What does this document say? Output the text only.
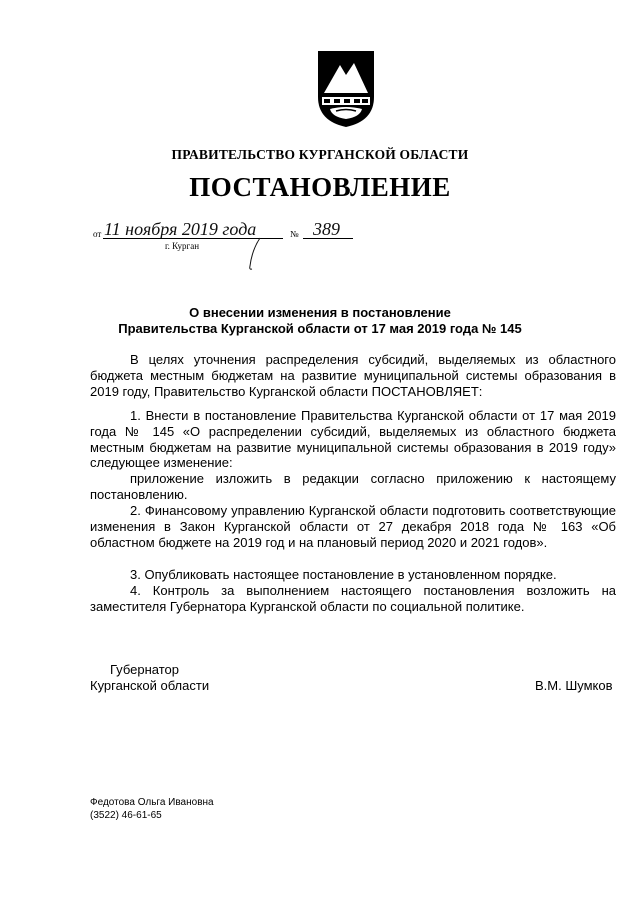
ПРАВИТЕЛЬСТВО КУРГАНСКОЙ ОБЛАСТИ
ПОСТАНОВЛЕНИЕ
от 11 ноября 2019 года	№ 389
г. Курган
О внесении изменения в постановление
Правительства Курганской области от 17 мая 2019 года № 145
В целях уточнения распределения субсидий, выделяемых из областного бюджета местным бюджетам на развитие муниципальной системы образования в 2019 году, Правительство Курганской области ПОСТАНОВЛЯЕТ:
1. Внести в постановление Правительства Курганской области от 17 мая 2019 года № 145 «О распределении субсидий, выделяемых из областного бюджета местным бюджетам на развитие муниципальной системы образования в 2019 году» следующее изменение:
приложение изложить в редакции согласно приложению к настоящему постановлению.
2. Финансовому управлению Курганской области подготовить соответствующие изменения в Закон Курганской области от 27 декабря 2018 года № 163 «Об областном бюджете на 2019 год и на плановый период 2020 и 2021 годов».
3. Опубликовать настоящее постановление в установленном порядке.
4. Контроль за выполнением настоящего постановления возложить на заместителя Губернатора Курганской области по социальной политике.
Губернатор
Курганской области	В.М. Шумков
Федотова Ольга Ивановна
(3522) 46-61-65
